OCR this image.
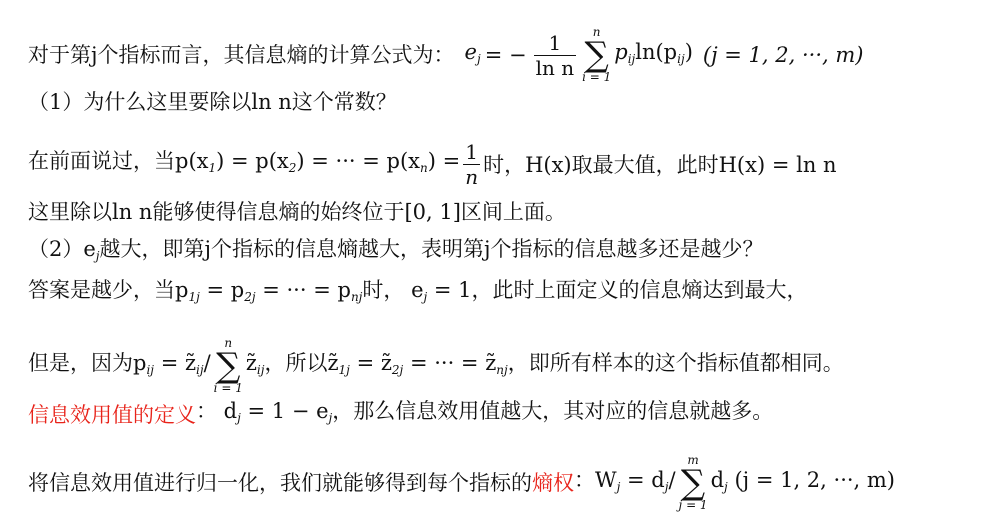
对于第j个指标而言，其信息熵的计算公式为： $e_j$ = − $\frac{1}{\text{ln n}}$ n
∑
i = 1
$p_{ij}\ln(p_{ij}) (j = 1$, 2, ···, m)
（1）为什么这里要除以ln n这个常数？
在前面说过，当$p(x_1) = p(x_2)$ = ··· = $p(x_n) = \frac{1}{n}$ 时，H(x)取最大值，此时H(x) = ln n
这里除以ln n能够使得信息熵的始终位于[0, 1]区间上面。
$(2)e_j$越大，即第j个指标的信息熵越大，表明第j个指标的信息越多还是越少？
答案是越少，当$p_{1j} = p_{2j}$ = ··· = $p_{nj}$时， $e_j = 1$，此时上面定义的信息熵达到最大，
但是，因为$p_{ij}$ = $z̃_{ij}/$
n
∑
i = 1
$z̃_{ij}$，所以$z̃_{1j}$ = $z̃_{2j}$ = ··· = $z̃_{nj}$，即所有样本的这个指标值都相同。
信息效用值的定义 ： $d_j = 1 - e_j$，那么信息效用值越大，其对应的信息就越多。
将信息效用值进行归一化，我们就能够得到每个指标的 熵权 ：$W_j = d_j/$
m
∑
j = 1
$d_j$ (j = 1, 2, ···, m)
